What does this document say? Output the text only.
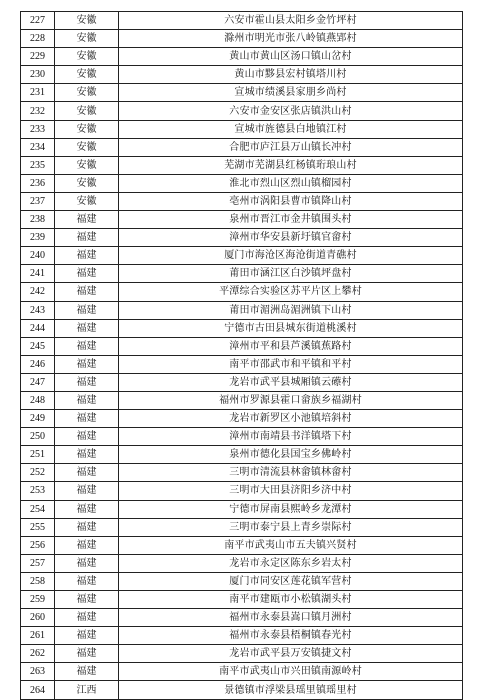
227	安徽	六安市霍山县太阳乡金竹坪村
228	安徽	滁州市明光市张八岭镇燕郢村
229	安徽	黄山市黄山区汤口镇山岔村
230	安徽	黄山市黟县宏村镇塔川村
231	安徽	宣城市绩溪县家朋乡尚村
232	安徽	六安市金安区张店镇洪山村
233	安徽	宣城市旌德县白地镇江村
234	安徽	合肥市庐江县万山镇长冲村
235	安徽	芜湖市芜湖县红杨镇珩琅山村
236	安徽	淮北市烈山区烈山镇榴园村
237	安徽	亳州市涡阳县曹市镇降山村
238	福建	泉州市晋江市金井镇围头村
239	福建	漳州市华安县新圩镇官畲村
240	福建	厦门市海沧区海沧街道青礁村
241	福建	莆田市涵江区白沙镇坪盘村
242	福建	平潭综合实验区苏平片区上攀村
243	福建	莆田市湄洲岛湄洲镇下山村
244	福建	宁德市古田县城东街道桃溪村
245	福建	漳州市平和县芦溪镇蕉路村
246	福建	南平市邵武市和平镇和平村
247	福建	龙岩市武平县城厢镇云礤村
248	福建	福州市罗源县霍口畲族乡福湖村
249	福建	龙岩市新罗区小池镇培斜村
250	福建	漳州市南靖县书洋镇塔下村
251	福建	泉州市德化县国宝乡佛岭村
252	福建	三明市清流县林畲镇林畲村
253	福建	三明市大田县济阳乡济中村
254	福建	宁德市屏南县熙岭乡龙潭村
255	福建	三明市泰宁县上青乡崇际村
256	福建	南平市武夷山市五夫镇兴贤村
257	福建	龙岩市永定区陈东乡岩太村
258	福建	厦门市同安区莲花镇军营村
259	福建	南平市建瓯市小松镇湖头村
260	福建	福州市永泰县嵩口镇月洲村
261	福建	福州市永泰县梧桐镇春光村
262	福建	龙岩市武平县万安镇捷文村
263	福建	南平市武夷山市兴田镇南源岭村
264	江西	景德镇市浮梁县瑶里镇瑶里村
